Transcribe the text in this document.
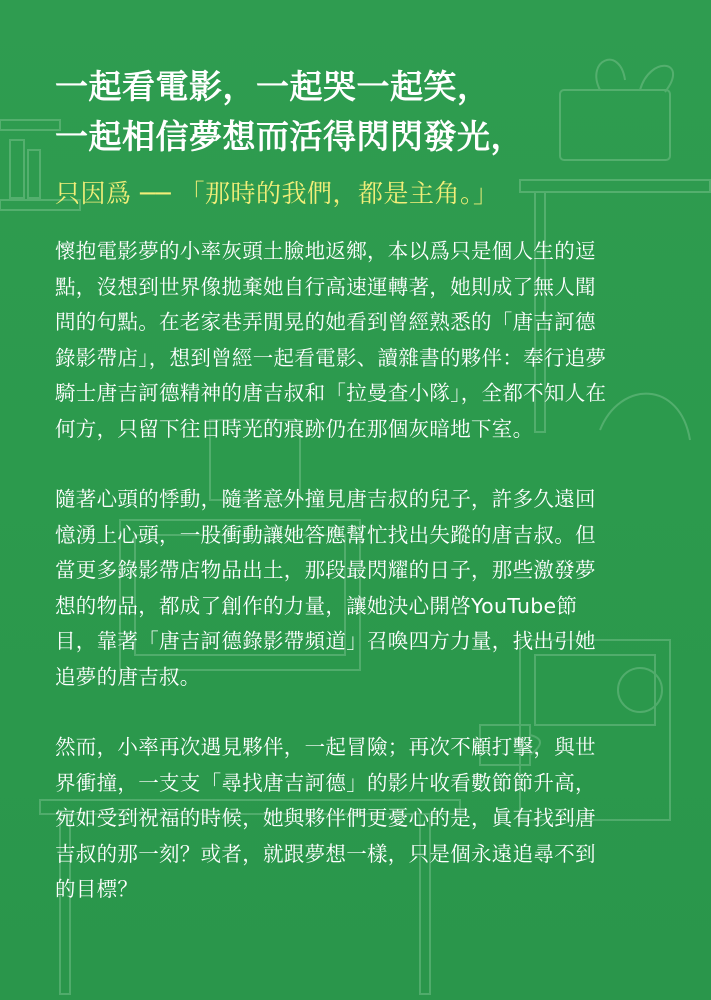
一起看電影，一起哭一起笑，
一起相信夢想而活得閃閃發光，

只因爲 ── 「那時的我們，都是主角。」

懷抱電影夢的小率灰頭土臉地返鄉，本以爲只是個人生的逗
點，沒想到世界像拋棄她自行高速運轉著，她則成了無人聞
問的句點。在老家巷弄閒晃的她看到曾經熟悉的「唐吉訶德
錄影帶店」，想到曾經一起看電影、讀雜書的夥伴：奉行追夢
騎士唐吉訶德精神的唐吉叔和「拉曼查小隊」，全都不知人在
何方，只留下往日時光的痕跡仍在那個灰暗地下室。

隨著心頭的悸動，隨著意外撞見唐吉叔的兒子，許多久遠回
憶湧上心頭，一股衝動讓她答應幫忙找出失蹤的唐吉叔。但
當更多錄影帶店物品出土，那段最閃耀的日子，那些激發夢
想的物品，都成了創作的力量，讓她決心開啓YouTube節
目，靠著「唐吉訶德錄影帶頻道」召喚四方力量，找出引她
追夢的唐吉叔。

然而，小率再次遇見夥伴，一起冒險；再次不顧打擊，與世
界衝撞，一支支「尋找唐吉訶德」的影片收看數節節升高，
宛如受到祝福的時候，她與夥伴們更憂心的是，眞有找到唐
吉叔的那一刻？或者，就跟夢想一樣，只是個永遠追尋不到
的目標？
